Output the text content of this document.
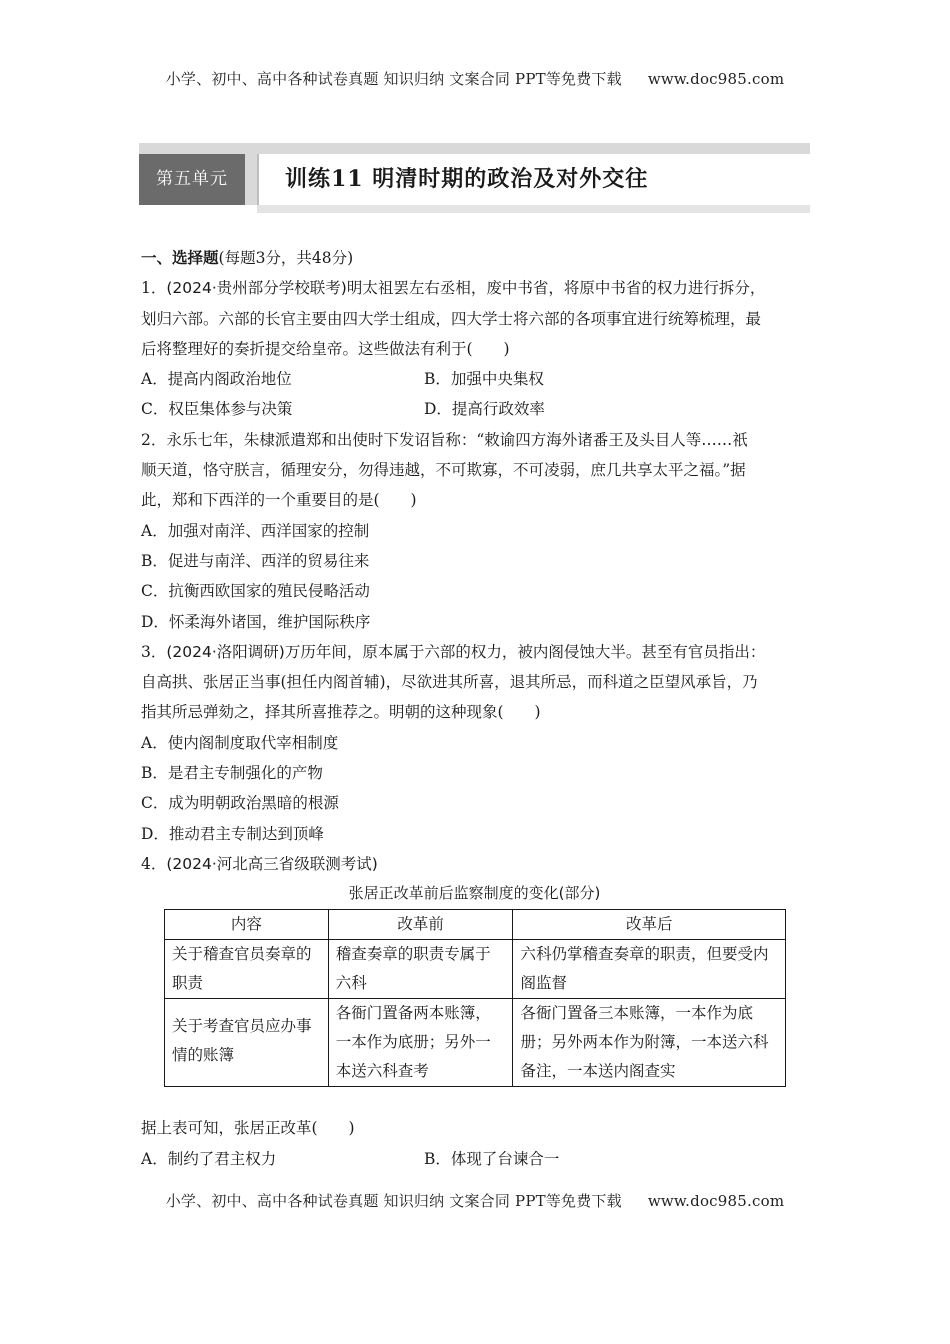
小学、初中、高中各种试卷真题 知识归纳 文案合同 PPT等免费下载 www.doc985.com
第五单元	训练11 明清时期的政治及对外交往

一、选择题(每题3分，共48分)

1．(2024·贵州部分学校联考)明太祖罢左右丞相，废中书省，将原中书省的权力进行拆分，

划归六部。六部的长官主要由四大学士组成，四大学士将六部的各项事宜进行统筹梳理，最

后将整理好的奏折提交给皇帝。这些做法有利于(　　)

A．提高内阁政治地位	B．加强中央集权
C．权臣集体参与决策	D．提高行政效率

2．永乐七年，朱棣派遣郑和出使时下发诏旨称：“敕谕四方海外诸番王及头目人等……祇

顺天道，恪守朕言，循理安分，勿得违越，不可欺寡，不可凌弱，庶几共享太平之福。”据

此，郑和下西洋的一个重要目的是(　　)

A．加强对南洋、西洋国家的控制

B．促进与南洋、西洋的贸易往来

C．抗衡西欧国家的殖民侵略活动

D．怀柔海外诸国，维护国际秩序

3．(2024·洛阳调研)万历年间，原本属于六部的权力，被内阁侵蚀大半。甚至有官员指出：

自高拱、张居正当事(担任内阁首辅)，尽欲进其所喜，退其所忌，而科道之臣望风承旨，乃

指其所忌弹劾之，择其所喜推荐之。明朝的这种现象(　　)

A．使内阁制度取代宰相制度

B．是君主专制强化的产物

C．成为明朝政治黑暗的根源

D．推动君主专制达到顶峰

4．(2024·河北高三省级联测考试)

张居正改革前后监察制度的变化(部分)
内容	改革前	改革后
关于稽查官员奏章的职责	稽查奏章的职责专属于六科	六科仍掌稽查奏章的职责，但要受内阁监督
关于考查官员应办事情的账簿	各衙门置备两本账簿，一本作为底册；另外一本送六科查考	各衙门置备三本账簿，一本作为底册；另外两本作为附簿，一本送六科备注，一本送内阁查实

据上表可知，张居正改革(　　)

A．制约了君主权力	B．体现了台谏合一
小学、初中、高中各种试卷真题 知识归纳 文案合同 PPT等免费下载 www.doc985.com
